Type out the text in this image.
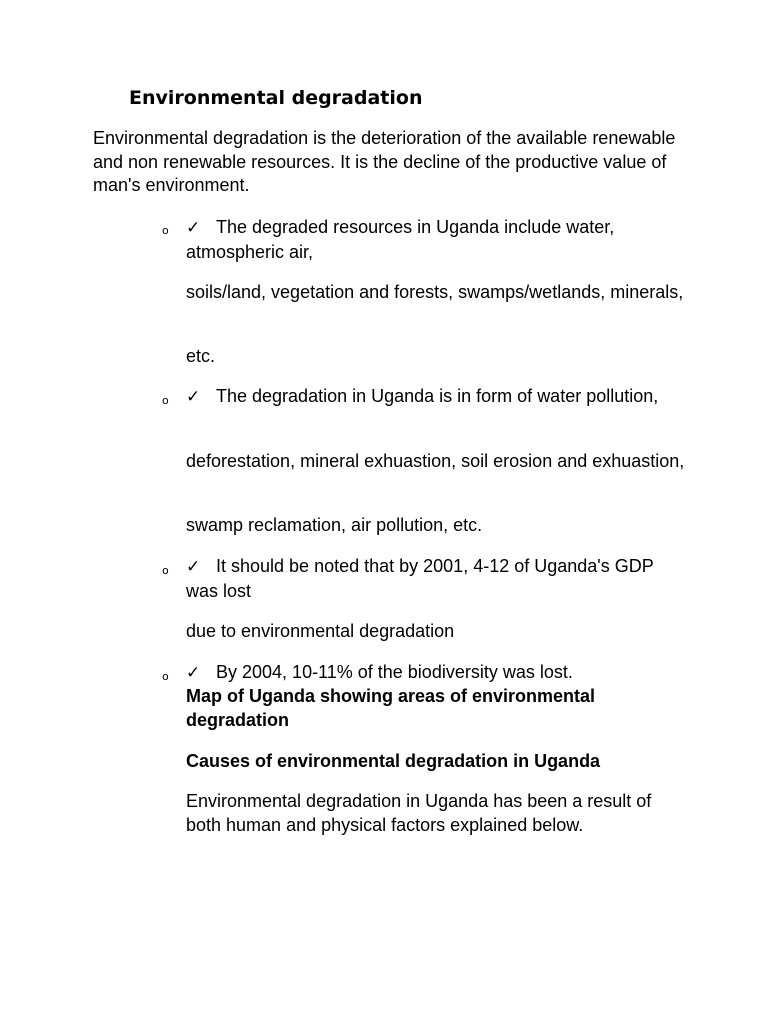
Environmental degradation
Environmental degradation is the deterioration of the available renewable and non renewable resources. It is the decline of the productive value of man's environment.
o ✓ The degraded resources in Uganda include water, atmospheric air,
soils/land, vegetation and forests, swamps/wetlands, minerals,
etc.
o ✓ The degradation in Uganda is in form of water pollution,
deforestation, mineral exhuastion, soil erosion and exhuastion,
swamp reclamation, air pollution, etc.
o ✓ It should be noted that by 2001, 4-12 of Uganda's GDP was lost
due to environmental degradation
o ✓ By 2004, 10-11% of the biodiversity was lost.
Map of Uganda showing areas of environmental degradation
Causes of environmental degradation in Uganda
Environmental degradation in Uganda has been a result of both human and physical factors explained below.
